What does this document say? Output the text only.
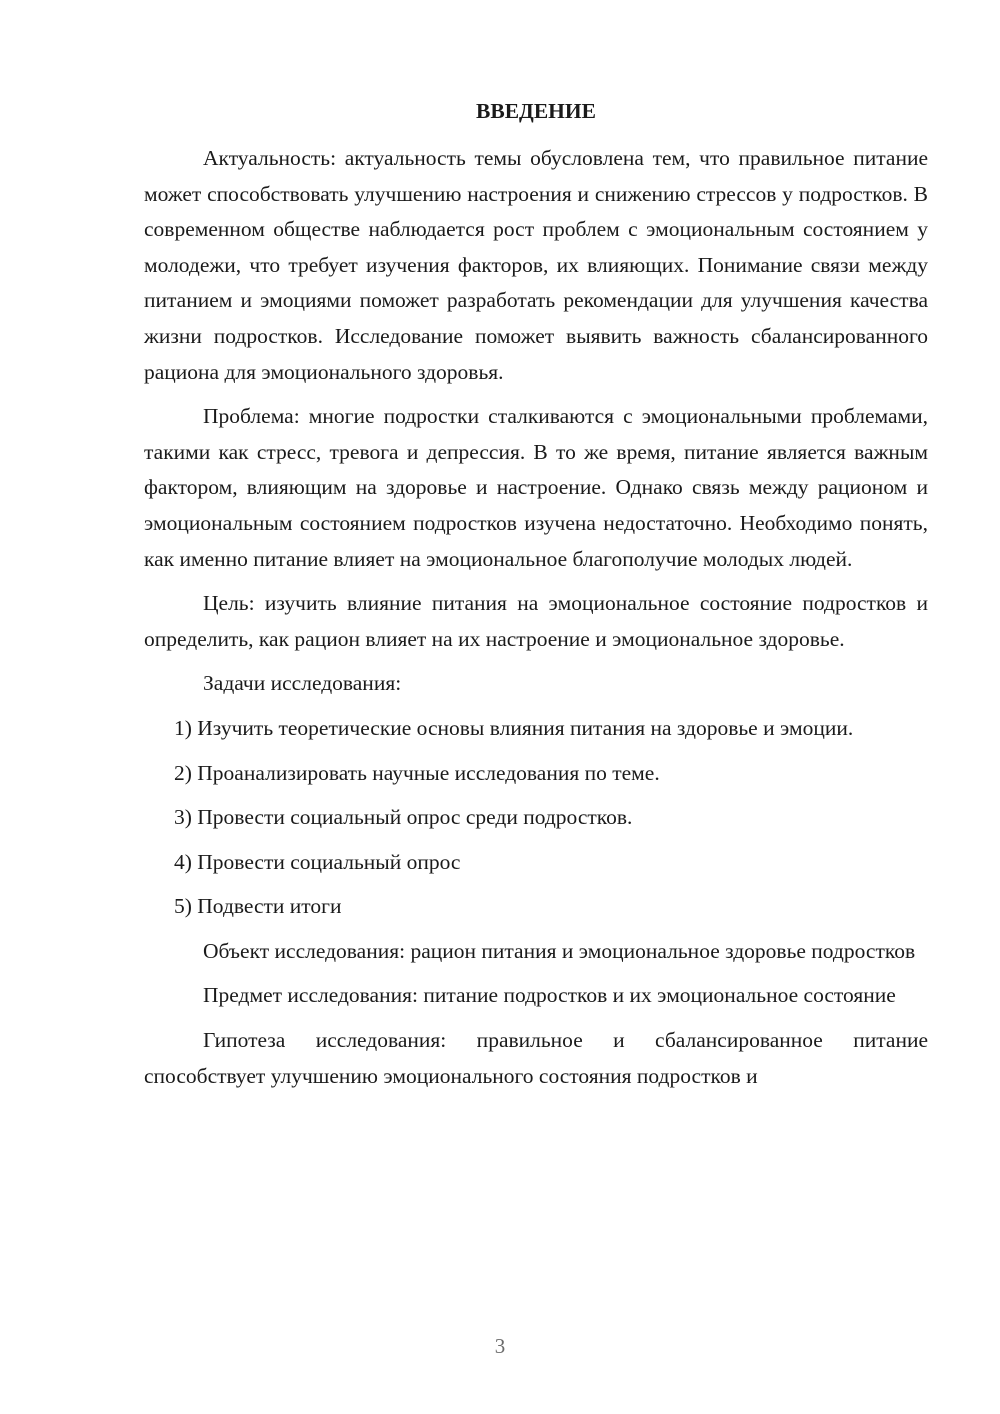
ВВЕДЕНИЕ

Актуальность: актуальность темы обусловлена тем, что правильное питание может способствовать улучшению настроения и снижению стрессов у подростков. В современном обществе наблюдается рост проблем с эмоциональным состоянием у молодежи, что требует изучения факторов, их влияющих. Понимание связи между питанием и эмоциями поможет разработать рекомендации для улучшения качества жизни подростков. Исследование поможет выявить важность сбалансированного рациона для эмоционального здоровья.

Проблема: многие подростки сталкиваются с эмоциональными проблемами, такими как стресс, тревога и депрессия. В то же время, питание является важным фактором, влияющим на здоровье и настроение. Однако связь между рационом и эмоциональным состоянием подростков изучена недостаточно. Необходимо понять, как именно питание влияет на эмоциональное благополучие молодых людей.

Цель: изучить влияние питания на эмоциональное состояние подростков и определить, как рацион влияет на их настроение и эмоциональное здоровье.

Задачи исследования:

1) Изучить теоретические основы влияния питания на здоровье и эмоции.

2) Проанализировать научные исследования по теме.

3) Провести социальный опрос среди подростков.

4) Провести социальный опрос

5) Подвести итоги

Объект исследования: рацион питания и эмоциональное здоровье подростков

Предмет исследования: питание подростков и их эмоциональное состояние

Гипотеза исследования: правильное и сбалансированное питание способствует улучшению эмоционального состояния подростков и

3
